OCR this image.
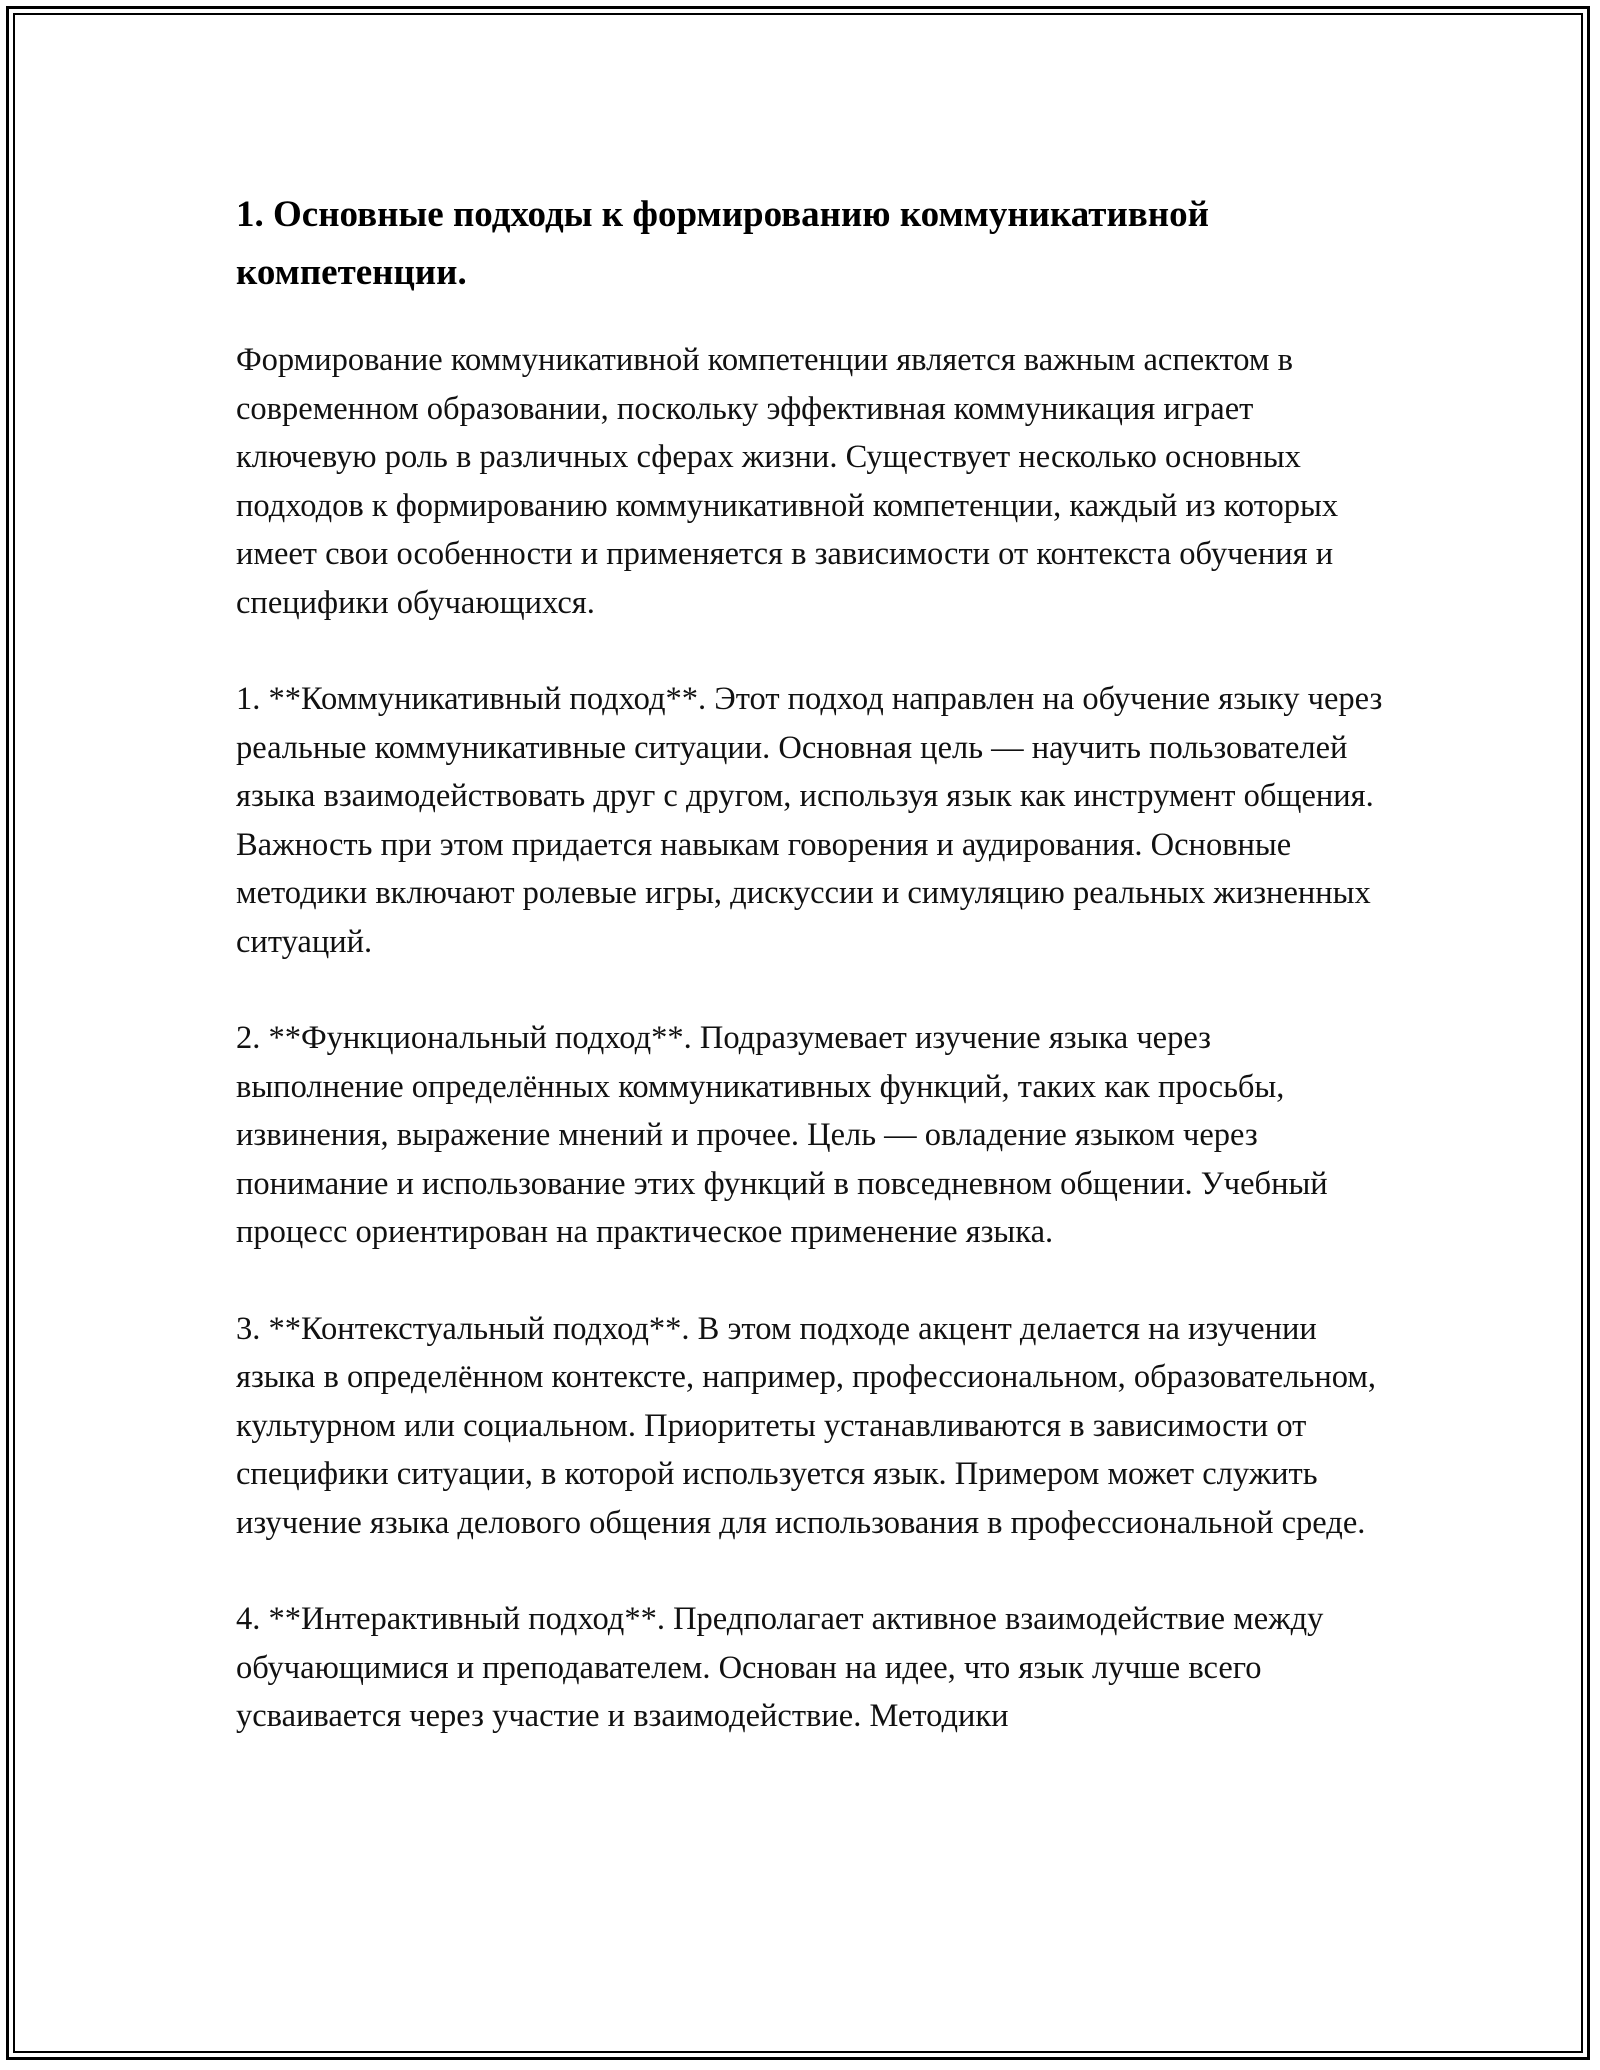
1. Основные подходы к формированию коммуникативной компетенции.

Формирование коммуникативной компетенции является важным аспектом в современном образовании, поскольку эффективная коммуникация играет ключевую роль в различных сферах жизни. Существует несколько основных подходов к формированию коммуникативной компетенции, каждый из которых имеет свои особенности и применяется в зависимости от контекста обучения и специфики обучающихся.

1. **Коммуникативный подход**. Этот подход направлен на обучение языку через реальные коммуникативные ситуации. Основная цель — научить пользователей языка взаимодействовать друг с другом, используя язык как инструмент общения. Важность при этом придается навыкам говорения и аудирования. Основные методики включают ролевые игры, дискуссии и симуляцию реальных жизненных ситуаций.

2. **Функциональный подход**. Подразумевает изучение языка через выполнение определённых коммуникативных функций, таких как просьбы, извинения, выражение мнений и прочее. Цель — овладение языком через понимание и использование этих функций в повседневном общении. Учебный процесс ориентирован на практическое применение языка.

3. **Контекстуальный подход**. В этом подходе акцент делается на изучении языка в определённом контексте, например, профессиональном, образовательном, культурном или социальном. Приоритеты устанавливаются в зависимости от специфики ситуации, в которой используется язык. Примером может служить изучение языка делового общения для использования в профессиональной среде.

4. **Интерактивный подход**. Предполагает активное взаимодействие между обучающимися и преподавателем. Основан на идее, что язык лучше всего усваивается через участие и взаимодействие. Методики
